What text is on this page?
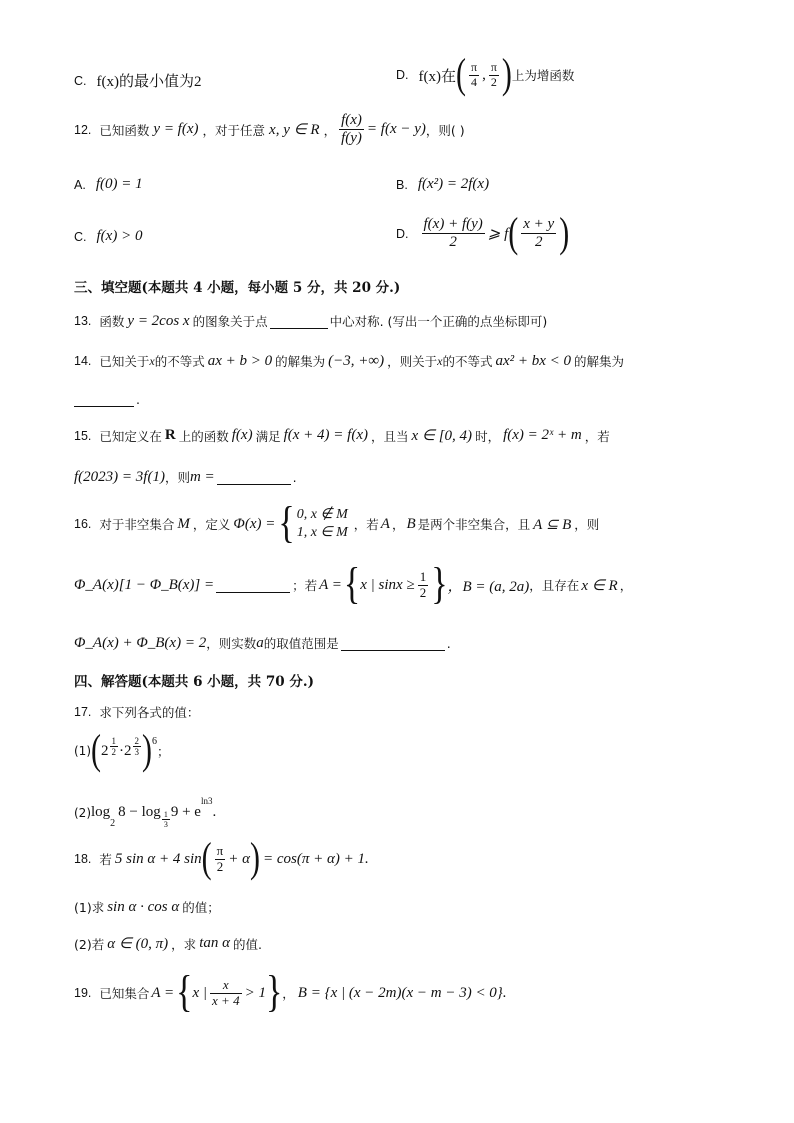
C. f(x)的最小值为2	D. f(x)在 ( $\frac{\pi}{4}$ , $\frac{\pi}{2}$ ) 上为增函数
12. 已知函数 y = f(x) ，对于任意 x, y ∈ R ， $\frac{f(x)}{f(y)} = f(x - y)$ ，则( )
A. f(0) = 1	B. f(x²) = 2f(x)
C. f(x) > 0	D. $\frac{f(x) + f(y)}{2}$ ⩾ f ( $\frac{x + y}{2}$ )
三、填空题(本题共 4 小题，每小题 5 分，共 20 分.)
13. 函数 y = 2cos x 的图象关于点	中心对称. (写出一个正确的点坐标即可)
14. 已知关于 x 的不等式 ax + b > 0 的解集为 (−3, +∞) ，则关于 x 的不等式 ax² + bx < 0 的解集为
.
15. 已知定义在 R 上的函数 f(x) 满足 f(x + 4) = f(x) ，且当 x ∈ [0, 4) 时， f(x) = 2ˣ + m ，若
f(2023) = 3f(1) ，则 m =	.
16. 对于非空集合 M ，定义 Φ(x) = { 0, x ∉ M
1, x ∈ M
，若 A ， B 是两个非空集合，且 A ⊆ B ，则
Φ_A(x)[1 − Φ_B(x)] =	；若 A = { x | $\sin x \ge \frac{1}{2}$ } ，B = (a, 2a) ，且存在 x ∈ R ，
Φ_A(x) + Φ_B(x) = 2 ，则实数 a 的取值范围是	.
四、解答题(本题共 6 小题，共 70 分.)
17. 求下列各式的值：
(1) ( $2 \frac{1}{2} \cdot 2 \frac{2}{3}$ ) 6
；
(2) log
2
$8 - \log \frac{1}{3} 9 + e$
ln3
.
18. 若 5 sin α + 4 sin ( $\frac{\pi}{2} + \alpha$ ) = cos(π + α) + 1.
(1)求 sin α · cos α 的值；
(2)若 α ∈ (0, π) ，求 tan α 的值.
19. 已知集合 A = { x | $\frac{x}{x + 4} > 1$ } ， B = {x | (x − 2m)(x − m − 3) < 0} .
